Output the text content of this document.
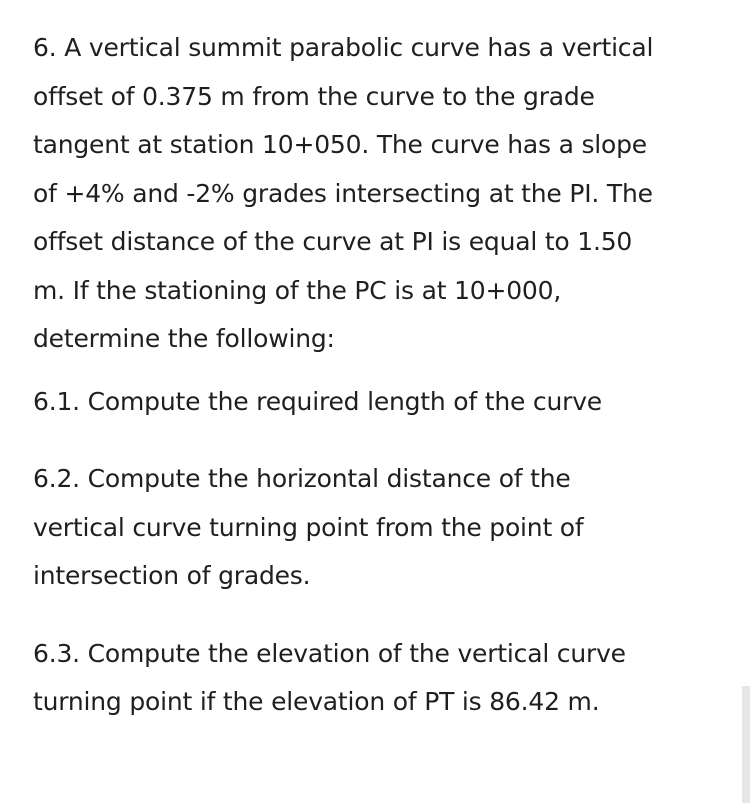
6. A vertical summit parabolic curve has a vertical
offset of 0.375 m from the curve to the grade
tangent at station 10+050. The curve has a slope
of +4% and -2% grades intersecting at the PI. The
offset distance of the curve at PI is equal to 1.50
m. If the stationing of the PC is at 10+000,
determine the following:

6.1. Compute the required length of the curve

6.2. Compute the horizontal distance of the
vertical curve turning point from the point of
intersection of grades.

6.3. Compute the elevation of the vertical curve
turning point if the elevation of PT is 86.42 m.
